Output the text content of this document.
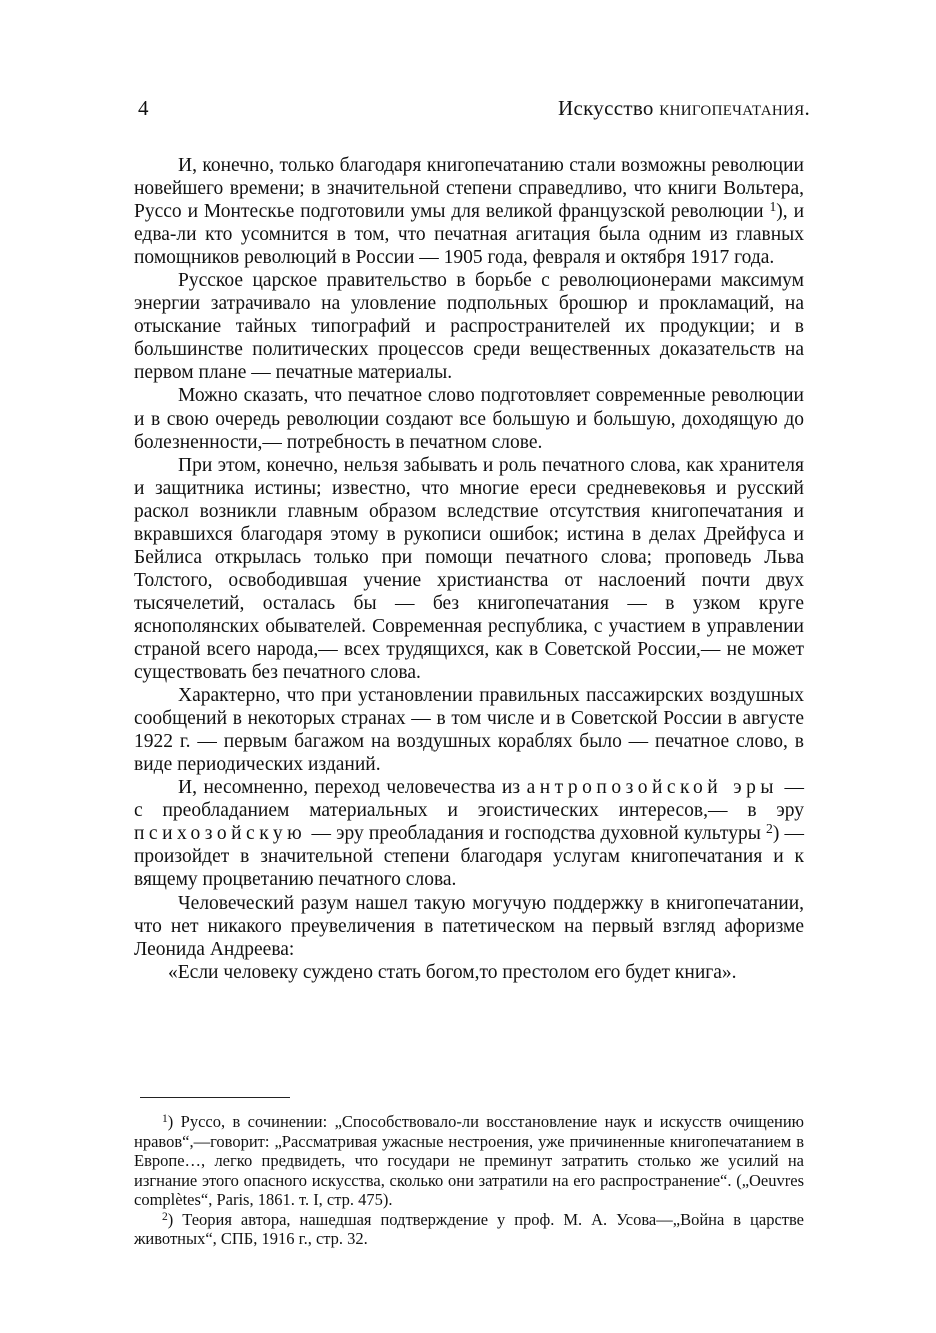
4	Искусство книгопечатания.

И, конечно, только благодаря книгопечатанию стали возможны революции новейшего времени; в значительной степени справедливо, что книги Вольтера, Руссо и Монтескье подготовили умы для великой французской революции $^1$), и едва-ли кто усомнится в том, что печатная агитация была одним из главных помощников революций в России — 1905 года, февраля и октября 1917 года.

Русское царское правительство в борьбе с революционерами максимум энергии затрачивало на уловление подпольных брошюр и прокламаций, на отыскание тайных типографий и распространителей их продукции; и в большинстве политических процессов среди вещественных доказательств на первом плане — печатные материалы.

Можно сказать, что печатное слово подготовляет современные революции и в свою очередь революции создают все большую и большую, доходящую до болезненности,— потребность в печатном слове.

При этом, конечно, нельзя забывать и роль печатного слова, как хранителя и защитника истины; известно, что многие ереси средневековья и русский раскол возникли главным образом вследствие отсутствия книгопечатания и вкравшихся благодаря этому в рукописи ошибок; истина в делах Дрейфуса и Бейлиса открылась только при помощи печатного слова; проповедь Льва Толстого, освободившая учение христианства от наслоений почти двух тысячелетий, осталась бы — без книгопечатания — в узком круге яснополянских обывателей. Современная республика, с участием в управлении страной всего народа,— всех трудящихся, как в Советской России,— не может существовать без печатного слова.

Характерно, что при установлении правильных пассажирских воздушных сообщений в некоторых странах — в том числе и в Советской России в августе 1922 г. — первым багажом на воздушных кораблях было — печатное слово, в виде периодических изданий.

И, несомненно, переход человечества из антропозойской эры — с преобладанием материальных и эгоистических интересов,— в эру психозойскую — эру преобладания и господства духовной культуры $^2$) — произойдет в значительной степени благодаря услугам книгопечатания и к вящему процветанию печатного слова.

Человеческий разум нашел такую могучую поддержку в книгопечатании, что нет никакого преувеличения в патетическом на первый взгляд афоризме Леонида Андреева:

«Если человеку суждено стать богом,то престолом его будет книга».

$^1$) Руссо, в сочинении: „Способствовало-ли восстановление наук и искусств очищению нравов“,—говорит: „Рассматривая ужасные нестроения, уже причиненные книгопечатанием в Европе…, легко предвидеть, что государи не преминут затратить столько же усилий на изгнание этого опасного искусства, сколько они затратили на его распространение“. („Oeuvres complètes“, Paris, 1861. т. I, стр. 475).

$^2$) Теория автора, нашедшая подтверждение у проф. М. А. Усова—„Война в царстве животных“, СПБ, 1916 г., стр. 32.
